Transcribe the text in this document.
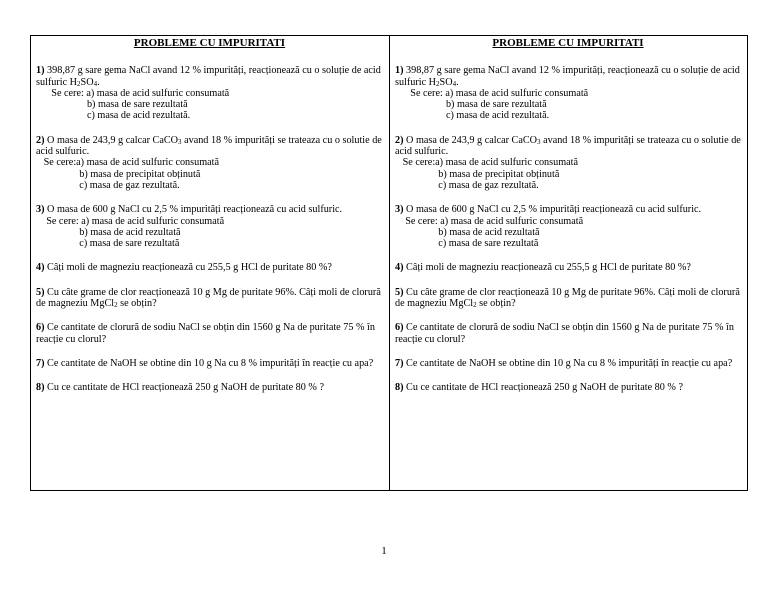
PROBLEME CU IMPURITATI
1) 398,87 g sare gema NaCl avand 12 % impurități, reacționează cu o soluție de acid sulfuric H2SO4.
Se cere: a) masa de acid sulfuric consumată
b) masa de sare rezultată
c) masa de acid rezultată.
2) O masa de 243,9 g calcar CaCO3 avand 18 % impurități se trateaza cu o solutie de acid sulfuric.
Se cere:a) masa de acid sulfuric consumată
b) masa de precipitat obținută
c) masa de gaz rezultată.
3) O masa de 600 g NaCl cu 2,5 % impurități reacționează cu acid sulfuric.
Se cere: a) masa de acid sulfuric consumată
b) masa de acid rezultată
c) masa de sare rezultată
4) Câți moli de magneziu reacționează cu 255,5 g HCl de puritate 80 %?
5) Cu câte grame de clor reacționează 10 g Mg de puritate 96%. Câți moli de clorură de magneziu MgCl2 se obțin?
6) Ce cantitate de clorură de sodiu NaCl se obțin din 1560 g Na de puritate 75 % în reacție cu clorul?
7) Ce cantitate de NaOH se obtine din 10 g Na cu 8 % impurități în reacție cu apa?
8) Cu ce cantitate de HCl reacționează 250 g NaOH de puritate 80 % ?
PROBLEME CU IMPURITATI
1) 398,87 g sare gema NaCl avand 12 % impurități, reacționează cu o soluție de acid sulfuric H2SO4.
Se cere: a) masa de acid sulfuric consumată
b) masa de sare rezultată
c) masa de acid rezultată.
2) O masa de 243,9 g calcar CaCO3 avand 18 % impurități se trateaza cu o solutie de acid sulfuric.
Se cere:a) masa de acid sulfuric consumată
b) masa de precipitat obținută
c) masa de gaz rezultată.
3) O masa de 600 g NaCl cu 2,5 % impurități reacționează cu acid sulfuric.
Se cere: a) masa de acid sulfuric consumată
b) masa de acid rezultată
c) masa de sare rezultată
4) Câți moli de magneziu reacționează cu 255,5 g HCl de puritate 80 %?
5) Cu câte grame de clor reacționează 10 g Mg de puritate 96%. Câți moli de clorură de magneziu MgCl2 se obțin?
6) Ce cantitate de clorură de sodiu NaCl se obțin din 1560 g Na de puritate 75 % în reacție cu clorul?
7) Ce cantitate de NaOH se obtine din 10 g Na cu 8 % impurități în reacție cu apa?
8) Cu ce cantitate de HCl reacționează 250 g NaOH de puritate 80 % ?
1
